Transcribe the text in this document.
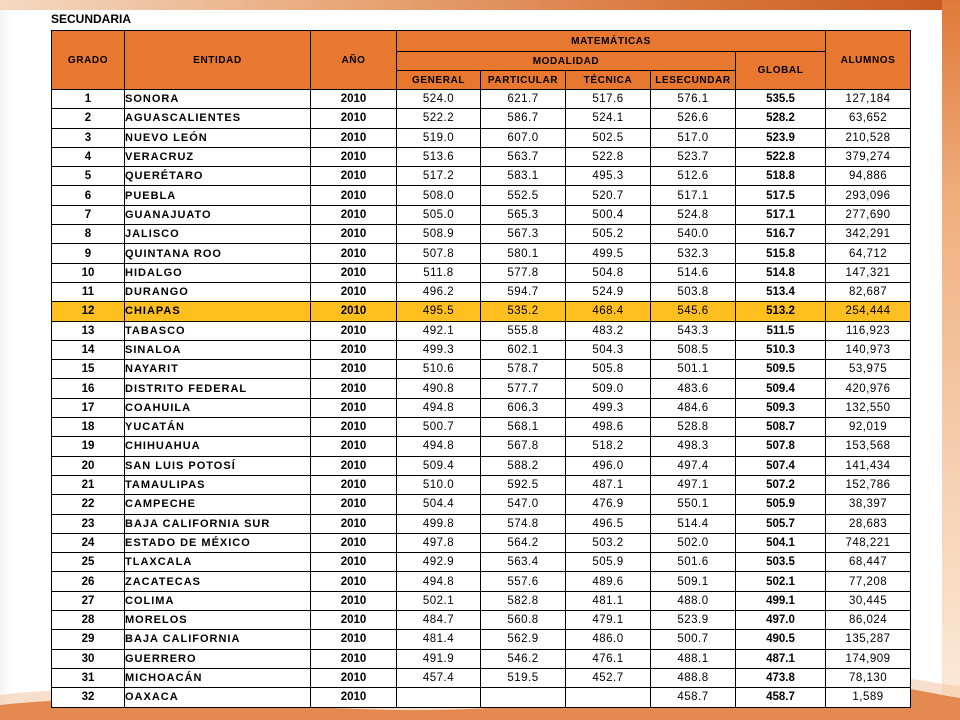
SECUNDARIA
GRADO	ENTIDAD	AÑO	MATEMÁTICAS					ALUMNOS
			MODALIDAD				GLOBAL	
			GENERAL	PARTICULAR	TÉCNICA	LESECUNDAR		
1	SONORA	2010	524.0	621.7	517.6	576.1	535.5	127,184
2	AGUASCALIENTES	2010	522.2	586.7	524.1	526.6	528.2	63,652
3	NUEVO LEÓN	2010	519.0	607.0	502.5	517.0	523.9	210,528
4	VERACRUZ	2010	513.6	563.7	522.8	523.7	522.8	379,274
5	QUERÉTARO	2010	517.2	583.1	495.3	512.6	518.8	94,886
6	PUEBLA	2010	508.0	552.5	520.7	517.1	517.5	293,096
7	GUANAJUATO	2010	505.0	565.3	500.4	524.8	517.1	277,690
8	JALISCO	2010	508.9	567.3	505.2	540.0	516.7	342,291
9	QUINTANA ROO	2010	507.8	580.1	499.5	532.3	515.8	64,712
10	HIDALGO	2010	511.8	577.8	504.8	514.6	514.8	147,321
11	DURANGO	2010	496.2	594.7	524.9	503.8	513.4	82,687
12	CHIAPAS	2010	495.5	535.2	468.4	545.6	513.2	254,444
13	TABASCO	2010	492.1	555.8	483.2	543.3	511.5	116,923
14	SINALOA	2010	499.3	602.1	504.3	508.5	510.3	140,973
15	NAYARIT	2010	510.6	578.7	505.8	501.1	509.5	53,975
16	DISTRITO FEDERAL	2010	490.8	577.7	509.0	483.6	509.4	420,976
17	COAHUILA	2010	494.8	606.3	499.3	484.6	509.3	132,550
18	YUCATÁN	2010	500.7	568.1	498.6	528.8	508.7	92,019
19	CHIHUAHUA	2010	494.8	567.8	518.2	498.3	507.8	153,568
20	SAN LUIS POTOSÍ	2010	509.4	588.2	496.0	497.4	507.4	141,434
21	TAMAULIPAS	2010	510.0	592.5	487.1	497.1	507.2	152,786
22	CAMPECHE	2010	504.4	547.0	476.9	550.1	505.9	38,397
23	BAJA CALIFORNIA SUR	2010	499.8	574.8	496.5	514.4	505.7	28,683
24	ESTADO DE MÉXICO	2010	497.8	564.2	503.2	502.0	504.1	748,221
25	TLAXCALA	2010	492.9	563.4	505.9	501.6	503.5	68,447
26	ZACATECAS	2010	494.8	557.6	489.6	509.1	502.1	77,208
27	COLIMA	2010	502.1	582.8	481.1	488.0	499.1	30,445
28	MORELOS	2010	484.7	560.8	479.1	523.9	497.0	86,024
29	BAJA CALIFORNIA	2010	481.4	562.9	486.0	500.7	490.5	135,287
30	GUERRERO	2010	491.9	546.2	476.1	488.1	487.1	174,909
31	MICHOACÁN	2010	457.4	519.5	452.7	488.8	473.8	78,130
32	OAXACA	2010				458.7	458.7	1,589
